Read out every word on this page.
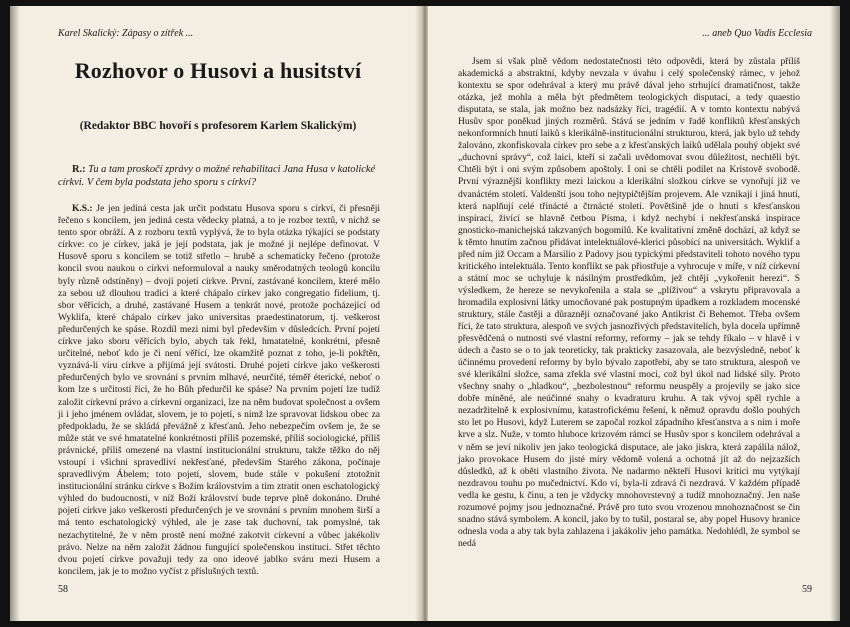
Karel Skalický: Zápasy o zítřek ...
Rozhovor o Husovi a husitství
(Redaktor BBC hovoří s profesorem Karlem Skalickým)

R.: Tu a tam proskočí zprávy o možné rehabilitaci Jana Husa v katolické církvi. V čem byla podstata jeho sporu s církví?

K.S.: Je jen jediná cesta jak určit podstatu Husova sporu s církví, či přesněji řečeno s koncilem, jen jediná cesta vědecky platná, a to je rozbor textů, v nichž se tento spor obráží. A z rozboru textů vyplývá, že to byla otázka týkající se podstaty církve: co je církev, jaká je její podstata, jak je možné ji nejlépe definovat. V Husově sporu s koncilem se totiž střetlo – hrubě a schematicky řečeno (protože koncil svou naukou o církvi neformuloval a nauky směrodatných teologů koncilu byly různě odstíněny) – dvojí pojetí církve. První, zastávané koncilem, které mělo za sebou už dlouhou tradici a které chápalo církev jako congregatio fidelium, tj. sbor věřících, a druhé, zastávané Husem a tenkrát nové, protože pocházející od Wyklifa, které chápalo církev jako universitas praedestinatorum, tj. veškerost předurčených ke spáse. Rozdíl mezi nimi byl především v důsledcích. První pojetí církve jako sboru věřících bylo, abych tak řekl, hmatatelné, konkrétní, přesně určitelné, neboť kdo je či není věřící, lze okamžitě poznat z toho, je-li pokřtěn, vyznává-li víru církve a přijímá její svátosti. Druhé pojetí církve jako veškerosti předurčených bylo ve srovnání s prvním mlhavé, neurčité, téměř éterické, neboť o kom lze s určitostí říci, že ho Bůh předurčil ke spáse? Na prvním pojetí lze tudíž založit církevní právo a církevní organizaci, lze na něm budovat společnost a ovšem ji i jeho jménem ovládat, slovem, je to pojetí, s nímž lze spravovat lidskou obec za předpokladu, že se skládá převážně z křesťanů. Jeho nebezpečím ovšem je, že se může stát ve své hmatatelné konkrétnosti příliš pozemské, příliš sociologické, příliš právnické, příliš omezené na vlastní institucionální strukturu, takže těžko do něj vstoupí i všichni spravedliví nekřesťané, především Starého zákona, počínaje spravedlivým Ábelem; toto pojetí, slovem, bude stále v pokušení ztotožnit institucionální stránku církve s Božím královstvím a tím ztratit onen eschatologický výhled do budoucnosti, v níž Boží království bude teprve plně dokonáno. Druhé pojetí církve jako veškerosti předurčených je ve srovnání s prvním mnohem širší a má tento eschatologický výhled, ale je zase tak duchovní, tak pomyslné, tak nezachytitelné, že v něm prostě není možné zakotvit církevní a vůbec jakékoliv právo. Nelze na něm založit žádnou fungující společenskou instituci. Střet těchto dvou pojetí církve považuji tedy za ono ideové jablko sváru mezi Husem a koncilem, jak je to možno vyčíst z příslušných textů.

58
... aneb Quo Vadis Ecclesia

Jsem si však plně vědom nedostatečnosti této odpovědi, která by zůstala příliš akademická a abstraktní, kdyby nevzala v úvahu i celý společenský rámec, v jehož kontextu se spor odehrával a který mu právě dával jeho strhující dramatičnost, takže otázka, jež mohla a měla být předmětem teologických disputací, a tedy quaestio disputata, se stala, jak možno bez nadsázky říci, tragédií. A v tomto kontextu nabývá Husův spor poněkud jiných rozměrů. Stává se jedním v řadě konfliktů křesťanských nekonformních hnutí laiků s klerikálně-institucionální strukturou, která, jak bylo už tehdy žalováno, zkonfiskovala církev pro sebe a z křesťanských laiků udělala pouhý objekt své „duchovní správy“, což laici, kteří si začali uvědomovat svou důležitost, nechtěli být. Chtěli být i oni svým způsobem apoštoly. I oni se chtěli podílet na Kristově svobodě. První výraznější konflikty mezi laickou a klerikální složkou církve se vynořují již ve dvanáctém století. Valdenští jsou toho nejtypičtějším projevem. Ale vznikají i jiná hnutí, která naplňují celé třinácté a čtrnácté století. Povětšině jde o hnutí s křesťanskou inspirací, živící se hlavně četbou Písma, i když nechybí i nekřesťanská inspirace gnosticko-manichejská takzvaných bogomilů. Ke kvalitativní změně dochází, až když se k těmto hnutím začnou přidávat intelektuálové-klerici působící na universitách. Wyklif a před ním již Occam a Marsilio z Padovy jsou typickými představiteli tohoto nového typu kritického intelektuála. Tento konflikt se pak přiostřuje a vyhrocuje v míře, v níž církevní a státní moc se uchyluje k násilným prostředkům, jež chtějí „vykořenit herezi“. S výsledkem, že hereze se nevykořenila a stala se „plíživou“ a vskrytu připravovala a hromadila explosivní látky umocňované pak postupným úpadkem a rozkladem mocenské struktury, stále častěji a důrazněji označované jako Antikrist či Behemot. Třeba ovšem říci, že tato struktura, alespoň ve svých jasnozřivých představitelích, byla docela upřímně přesvědčená o nutnosti své vlastní reformy, reformy – jak se tehdy říkalo – v hlavě i v údech a často se o to jak teoreticky, tak prakticky zasazovala, ale bezvýsledně, neboť k účinnému provedení reformy by bylo bývalo zapotřebí, aby se tato struktura, alespoň ve své klerikální složce, sama zřekla své vlastní moci, což byl úkol nad lidské síly. Proto všechny snahy o „hladkou“, „bezbolestnou“ reformu neuspěly a projevily se jako sice dobře míněné, ale neúčinné snahy o kvadraturu kruhu. A tak vývoj spěl rychle a nezadržitelně k explosivnímu, katastrofickému řešení, k němuž opravdu došlo pouhých sto let po Husovi, když Luterem se započal rozkol západního křesťanstva a s ním i moře krve a slz. Nuže, v tomto hluboce krizovém rámci se Husův spor s koncilem odehrával a v něm se jeví nikoliv jen jako teologická disputace, ale jako jiskra, která zapálila nálož, jako provokace Husem do jisté míry vědomě volená a ochotná jít až do nejzazších důsledků, až k oběti vlastního života. Ne nadarmo někteří Husovi kritici mu vytýkají nezdravou touhu po mučednictví. Kdo ví, byla-li zdravá či nezdravá. V každém případě vedla ke gestu, k činu, a ten je vždycky mnohovrstevný a tudíž mnohoznačný. Jen naše rozumové pojmy jsou jednoznačné. Právě pro tuto svou vrozenou mnohoznačnost se čin snadno stává symbolem. A koncil, jako by to tušil, postaral se, aby popel Husovy hranice odnesla voda a aby tak byla zahlazena i jakákoliv jeho památka. Nedohlédl, že symbol se nedá

59
